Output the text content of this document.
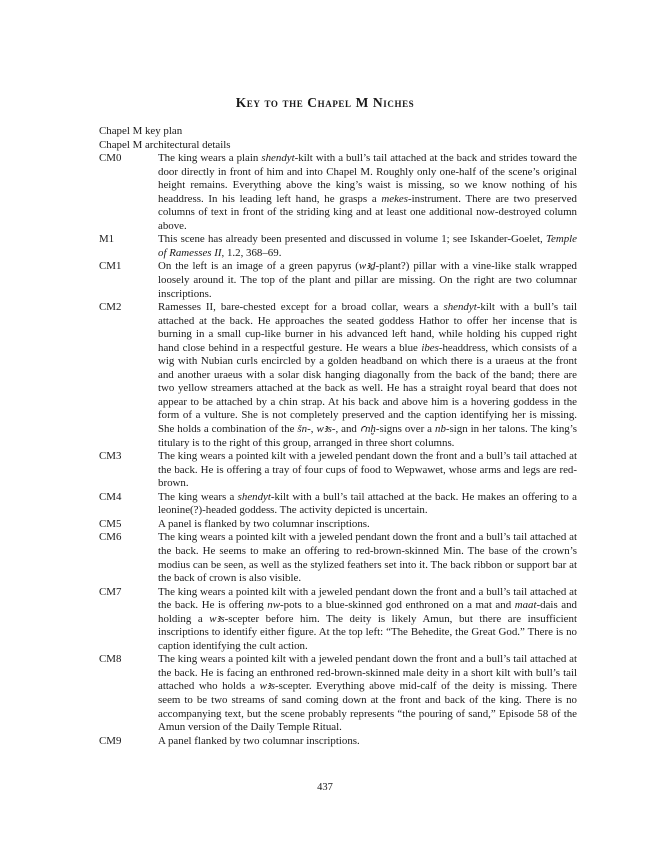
Key to the Chapel M Niches
Chapel M key plan
Chapel M architectural details
CM0	The king wears a plain shendyt-kilt with a bull’s tail attached at the back and strides toward the door directly in front of him and into Chapel M. Roughly only one-half of the scene’s original height remains. Everything above the king’s waist is missing, so we know nothing of his headdress. In his leading left hand, he grasps a mekes-instrument. There are two preserved columns of text in front of the striding king and at least one additional now-destroyed column above.
M1	This scene has already been presented and discussed in volume 1; see Iskander-Goelet, Temple of Ramesses II, 1.2, 368–69.
CM1	On the left is an image of a green papyrus (wꜣḏ-plant?) pillar with a vine-like stalk wrapped loosely around it. The top of the plant and pillar are missing. On the right are two columnar inscriptions.
CM2	Ramesses II, bare-chested except for a broad collar, wears a shendyt-kilt with a bull’s tail attached at the back. He approaches the seated goddess Hathor to offer her incense that is burning in a small cup-like burner in his advanced left hand, while holding his cupped right hand close behind in a respectful gesture. He wears a blue ibes-headdress, which consists of a wig with Nubian curls encircled by a golden headband on which there is a uraeus at the front and another uraeus with a solar disk hanging diagonally from the back of the band; there are two yellow streamers attached at the back as well. He has a straight royal beard that does not appear to be attached by a chin strap. At his back and above him is a hovering goddess in the form of a vulture. She is not completely preserved and the caption identifying her is missing. She holds a combination of the šn-, wꜣs-, and ꜥnḫ-signs over a nb-sign in her talons. The king’s titulary is to the right of this group, arranged in three short columns.
CM3	The king wears a pointed kilt with a jeweled pendant down the front and a bull’s tail attached at the back. He is offering a tray of four cups of food to Wepwawet, whose arms and legs are red-brown.
CM4	The king wears a shendyt-kilt with a bull’s tail attached at the back. He makes an offering to a leonine(?)-headed goddess. The activity depicted is uncertain.
CM5	A panel is flanked by two columnar inscriptions.
CM6	The king wears a pointed kilt with a jeweled pendant down the front and a bull’s tail attached at the back. He seems to make an offering to red-brown-skinned Min. The base of the crown’s modius can be seen, as well as the stylized feathers set into it. The back ribbon or support bar at the back of crown is also visible.
CM7	The king wears a pointed kilt with a jeweled pendant down the front and a bull’s tail attached at the back. He is offering nw-pots to a blue-skinned god enthroned on a mat and maat-dais and holding a wꜣs-scepter before him. The deity is likely Amun, but there are insufficient inscriptions to identify either figure. At the top left: “The Behedite, the Great God.” There is no caption identifying the cult action.
CM8	The king wears a pointed kilt with a jeweled pendant down the front and a bull’s tail attached at the back. He is facing an enthroned red-brown-skinned male deity in a short kilt with bull’s tail attached who holds a wꜣs-scepter. Everything above mid-calf of the deity is missing. There seem to be two streams of sand coming down at the front and back of the king. There is no accompanying text, but the scene probably represents “the pouring of sand,” Episode 58 of the Amun version of the Daily Temple Ritual.
CM9	A panel flanked by two columnar inscriptions.
437
